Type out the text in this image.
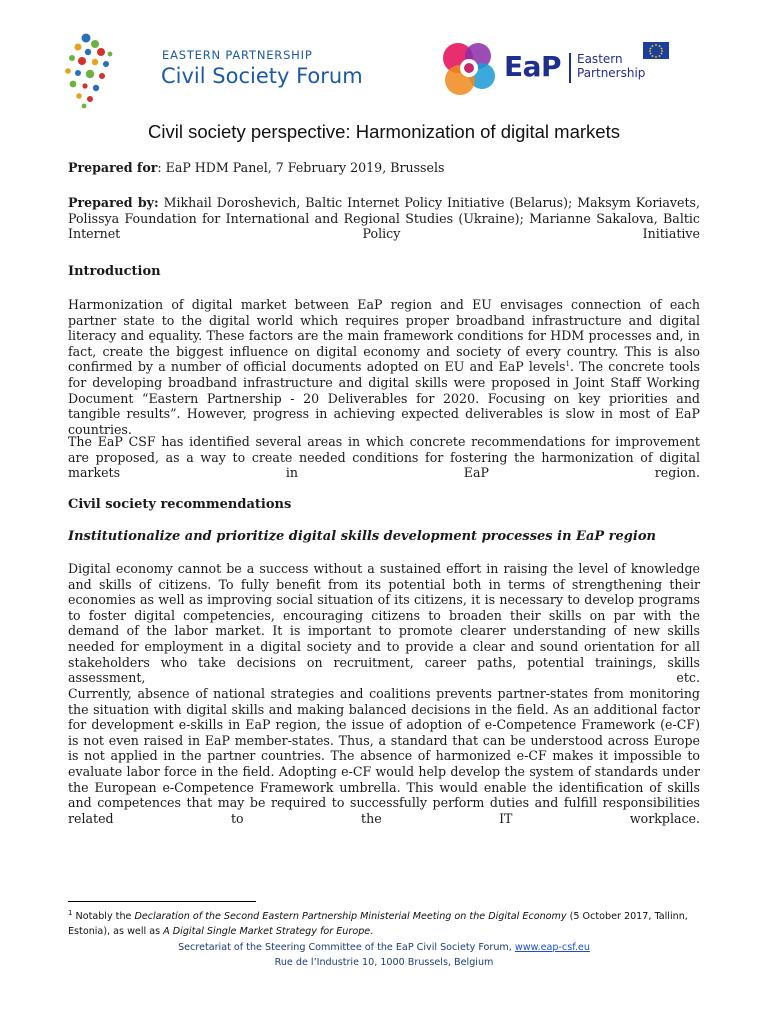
EASTERN PARTNERSHIP
Civil Society Forum	EaP Eastern
Partnership
Civil society perspective: Harmonization of digital markets
Prepared for: EaP HDM Panel, 7 February 2019, Brussels
Prepared by: Mikhail Doroshevich, Baltic Internet Policy Initiative (Belarus); Maksym Koriavets, Polissya Foundation for International and Regional Studies (Ukraine); Marianne Sakalova, Baltic Internet Policy Initiative
Introduction
Harmonization of digital market between EaP region and EU envisages connection of each partner state to the digital world which requires proper broadband infrastructure and digital literacy and equality. These factors are the main framework conditions for HDM processes and, in fact, create the biggest influence on digital economy and society of every country. This is also confirmed by a number of official documents adopted on EU and EaP levels$^1$. The concrete tools for developing broadband infrastructure and digital skills were proposed in Joint Staff Working Document “Eastern Partnership - 20 Deliverables for 2020. Focusing on key priorities and tangible results”. However, progress in achieving expected deliverables is slow in most of EaP countries.
The EaP CSF has identified several areas in which concrete recommendations for improvement are proposed, as a way to create needed conditions for fostering the harmonization of digital markets in EaP region.
Civil society recommendations
Institutionalize and prioritize digital skills development processes in EaP region
Digital economy cannot be a success without a sustained effort in raising the level of knowledge and skills of citizens. To fully benefit from its potential both in terms of strengthening their economies as well as improving social situation of its citizens, it is necessary to develop programs to foster digital competencies, encouraging citizens to broaden their skills on par with the demand of the labor market. It is important to promote clearer understanding of new skills needed for employment in a digital society and to provide a clear and sound orientation for all stakeholders who take decisions on recruitment, career paths, potential trainings, skills assessment, etc.
Currently, absence of national strategies and coalitions prevents partner-states from monitoring the situation with digital skills and making balanced decisions in the field. As an additional factor for development e-skills in EaP region, the issue of adoption of e-Competence Framework (e-CF) is not even raised in EaP member-states. Thus, a standard that can be understood across Europe is not applied in the partner countries. The absence of harmonized e-CF makes it impossible to evaluate labor force in the field. Adopting e-CF would help develop the system of standards under the European e-Competence Framework umbrella. This would enable the identification of skills and competences that may be required to successfully perform duties and fulfill responsibilities related to the IT workplace.
$^1$ Notably the Declaration of the Second Eastern Partnership Ministerial Meeting on the Digital Economy (5 October 2017, Tallinn, Estonia), as well as A Digital Single Market Strategy for Europe.
Secretariat of the Steering Committee of the EaP Civil Society Forum, www.eap-csf.eu
Rue de l’Industrie 10, 1000 Brussels, Belgium
